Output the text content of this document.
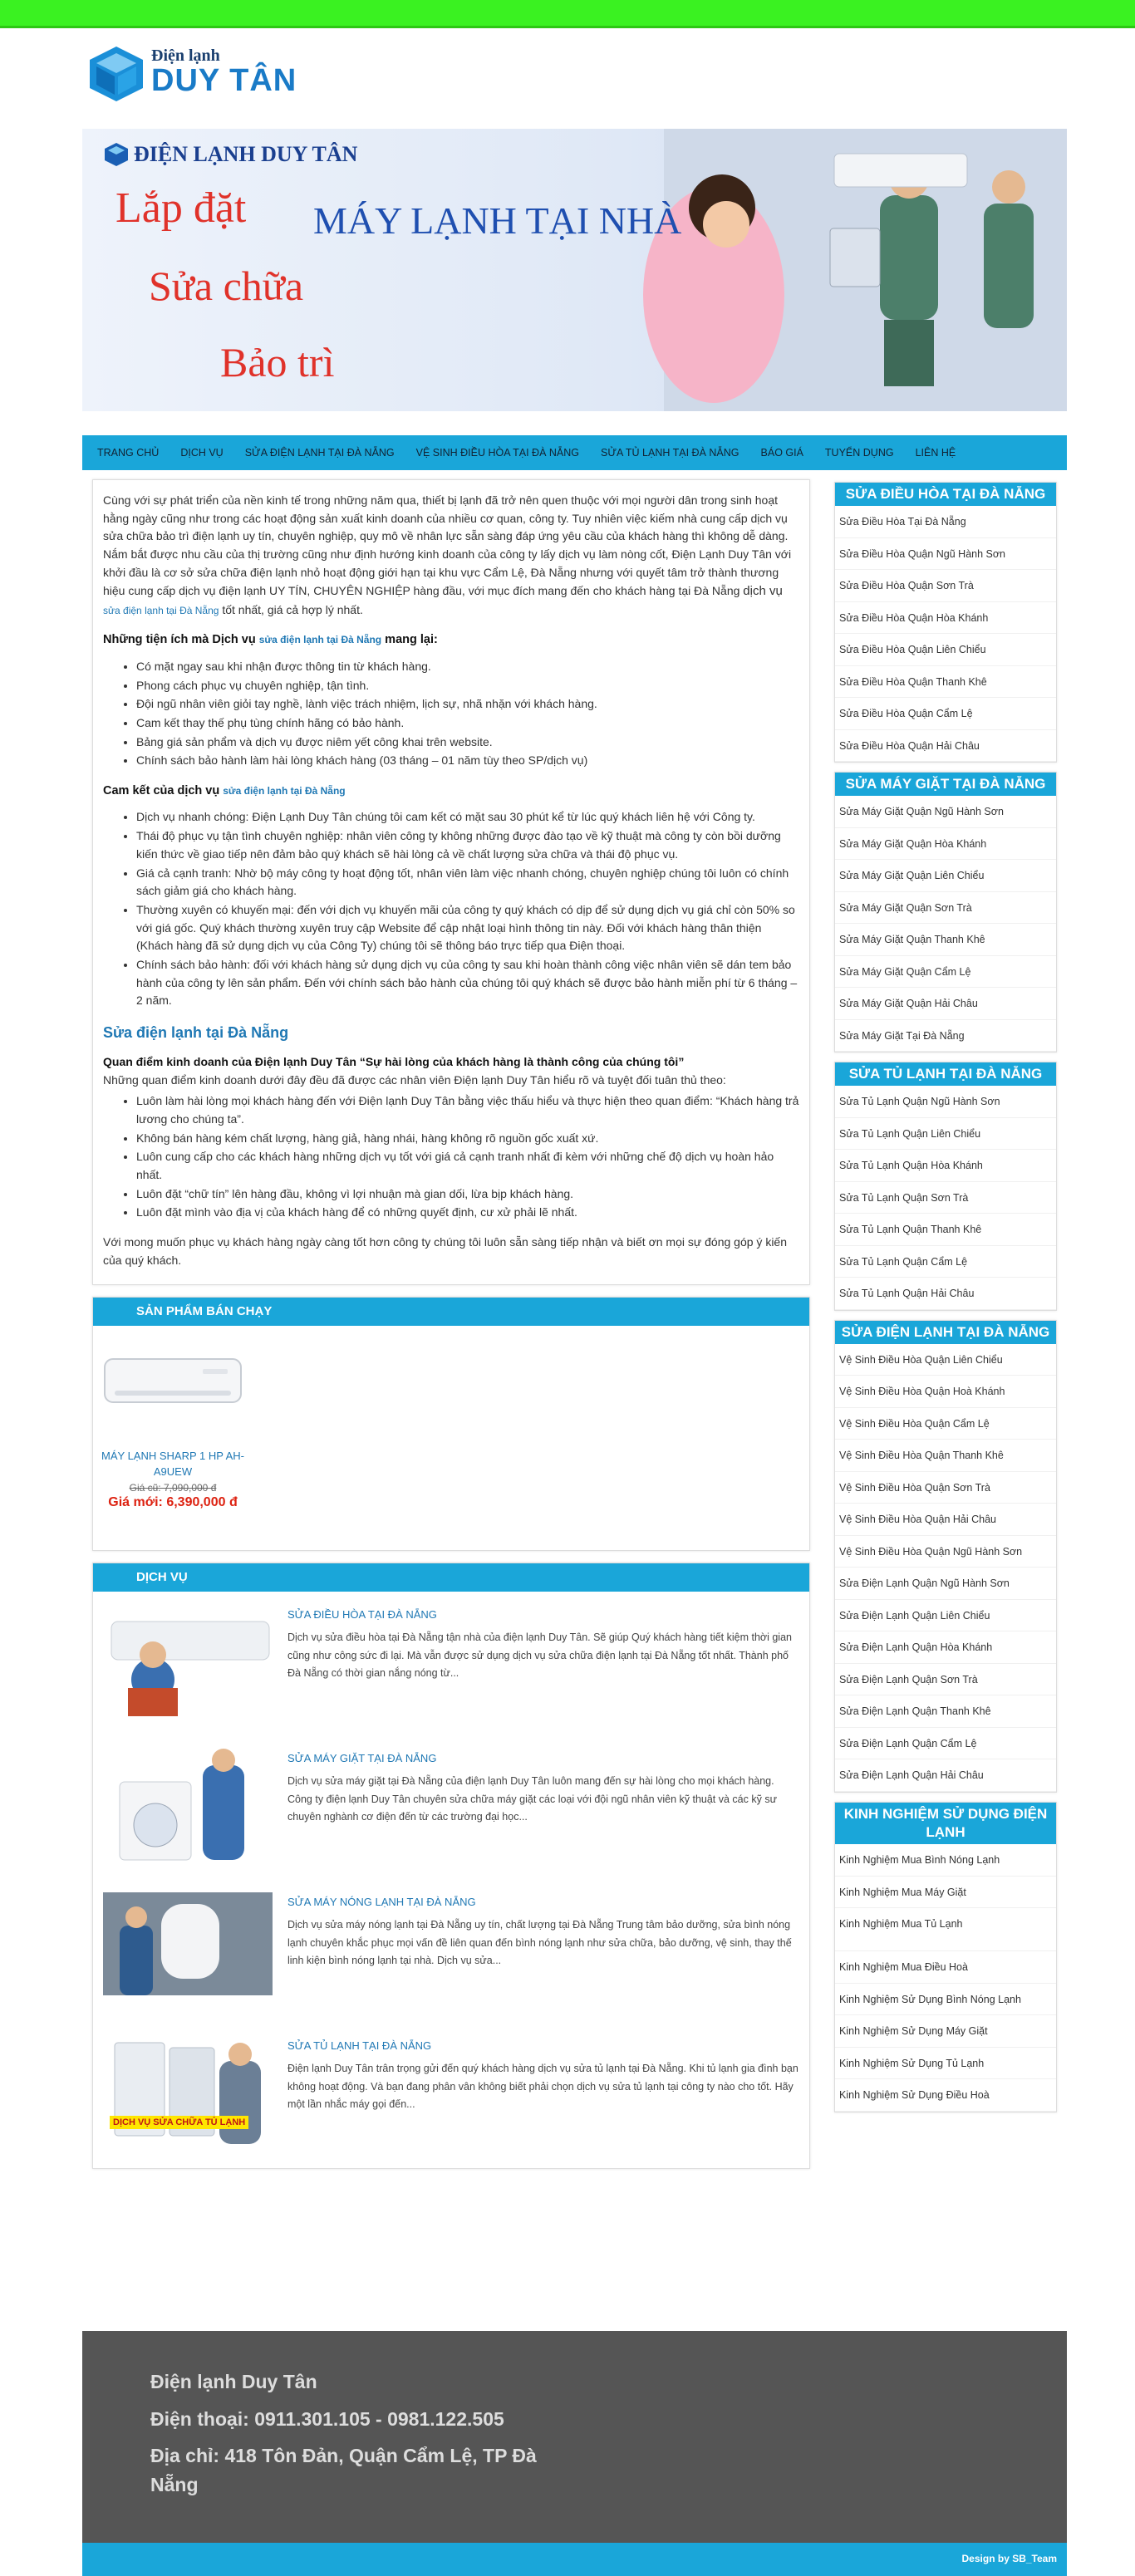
Điện lạnh
DUY TÂN
ĐIỆN LẠNH DUY TÂN
Lắp đặt MÁY LẠNH TẠI NHÀ
Sửa chữa
Bảo trì
TRANG CHỦ DỊCH VỤ SỬA ĐIỆN LẠNH TẠI ĐÀ NẴNG VỆ SINH ĐIỀU HÒA TẠI ĐÀ NẴNG SỬA TỦ LẠNH TẠI ĐÀ NẴNG BÁO GIÁ TUYỂN DỤNG LIÊN HỆ

Cùng với sự phát triển của nền kinh tế trong những năm qua, thiết bị lạnh đã trở nên quen thuộc với mọi người dân trong sinh hoạt hằng ngày cũng như trong các hoạt động sản xuất kinh doanh của nhiều cơ quan, công ty. Tuy nhiên việc kiếm nhà cung cấp dịch vụ sửa chữa bảo trì điện lạnh uy tín, chuyên nghiệp, quy mô về nhân lực sẵn sàng đáp ứng yêu cầu của khách hàng thì không dễ dàng. Nắm bắt được nhu cầu của thị trường cũng như định hướng kinh doanh của công ty lấy dịch vụ làm nòng cốt, Điện Lạnh Duy Tân với khởi đầu là cơ sở sửa chữa điện lạnh nhỏ hoạt động giới hạn tại khu vực Cẩm Lệ, Đà Nẵng nhưng với quyết tâm trở thành thương hiệu cung cấp dịch vụ điện lạnh UY TÍN, CHUYÊN NGHIỆP hàng đầu, với mục đích mang đến cho khách hàng tại Đà Nẵng dịch vụ sửa điện lạnh tại Đà Nẵng tốt nhất, giá cả hợp lý nhất.

Những tiện ích mà Dịch vụ sửa điện lạnh tại Đà Nẵng mang lại:
• Có mặt ngay sau khi nhận được thông tin từ khách hàng.
• Phong cách phục vụ chuyên nghiệp, tận tình.
• Đội ngũ nhân viên giỏi tay nghề, lành việc trách nhiệm, lịch sự, nhã nhặn với khách hàng.
• Cam kết thay thế phụ tùng chính hãng có bảo hành.
• Bảng giá sản phẩm và dịch vụ được niêm yết công khai trên website.
• Chính sách bảo hành làm hài lòng khách hàng (03 tháng – 01 năm tùy theo SP/dịch vụ)
Cam kết của dịch vụ sửa điện lạnh tại Đà Nẵng
• Dịch vụ nhanh chóng: Điện Lạnh Duy Tân chúng tôi cam kết có mặt sau 30 phút kể từ lúc quý khách liên hệ với Công ty.
• Thái độ phục vụ tận tình chuyên nghiệp: nhân viên công ty không những được đào tạo về kỹ thuật mà công ty còn bồi dưỡng kiến thức về giao tiếp nên đảm bảo quý khách sẽ hài lòng cả về chất lượng sửa chữa và thái độ phục vụ.
• Giá cả cạnh tranh: Nhờ bộ máy công ty hoạt động tốt, nhân viên làm việc nhanh chóng, chuyên nghiệp chúng tôi luôn có chính sách giảm giá cho khách hàng.
• Thường xuyên có khuyến mại: đến với dịch vụ khuyến mãi của công ty quý khách có dịp để sử dụng dịch vụ giá chỉ còn 50% so với giá gốc. Quý khách thường xuyên truy cập Website để cập nhật loại hình thông tin này. Đối với khách hàng thân thiện (Khách hàng đã sử dụng dịch vụ của Công Ty) chúng tôi sẽ thông báo trực tiếp qua Điện thoại.
• Chính sách bảo hành: đối với khách hàng sử dụng dịch vụ của công ty sau khi hoàn thành công việc nhân viên sẽ dán tem bảo hành của công ty lên sản phẩm. Đến với chính sách bảo hành của chúng tôi quý khách sẽ được bảo hành miễn phí từ 6 tháng – 2 năm.
Sửa điện lạnh tại Đà Nẵng
Quan điểm kinh doanh của Điện lạnh Duy Tân “Sự hài lòng của khách hàng là thành công của chúng tôi”
Những quan điểm kinh doanh dưới đây đều đã được các nhân viên Điện lạnh Duy Tân hiểu rõ và tuyệt đối tuân thủ theo:
• Luôn làm hài lòng mọi khách hàng đến với Điện lạnh Duy Tân bằng việc thấu hiểu và thực hiện theo quan điểm: “Khách hàng trả lương cho chúng ta”.
• Không bán hàng kém chất lượng, hàng giả, hàng nhái, hàng không rõ nguồn gốc xuất xứ.
• Luôn cung cấp cho các khách hàng những dịch vụ tốt với giá cả cạnh tranh nhất đi kèm với những chế độ dịch vụ hoàn hảo nhất.
• Luôn đặt “chữ tín” lên hàng đầu, không vì lợi nhuận mà gian dối, lừa bịp khách hàng.
• Luôn đặt mình vào địa vị của khách hàng để có những quyết định, cư xử phải lẽ nhất.

Với mong muốn phục vụ khách hàng ngày càng tốt hơn công ty chúng tôi luôn sẵn sàng tiếp nhận và biết ơn mọi sự đóng góp ý kiến của quý khách.

SẢN PHẨM BÁN CHẠY
MÁY LẠNH SHARP 1 HP AH-A9UEW
Giá cũ: 7,090,000 đ
Giá mới: 6,390,000 đ
DỊCH VỤ
SỬA ĐIỀU HÒA TẠI ĐÀ NẴNG
Dịch vụ sửa điều hòa tại Đà Nẵng tận nhà của điện lạnh Duy Tân. Sẽ giúp Quý khách hàng tiết kiệm thời gian cũng như công sức đi lại. Mà vẫn được sử dụng dịch vụ sửa chữa điện lạnh tại Đà Nẵng tốt nhất. Thành phố Đà Nẵng có thời gian nắng nóng từ...
SỬA MÁY GIẶT TẠI ĐÀ NẴNG
Dịch vụ sửa máy giặt tại Đà Nẵng của điện lạnh Duy Tân luôn mang đến sự hài lòng cho mọi khách hàng. Công ty điện lạnh Duy Tân chuyên sửa chữa máy giặt các loại với đội ngũ nhân viên kỹ thuật và các kỹ sư chuyên nghành cơ điện đến từ các trường đại học...
SỬA MÁY NÓNG LẠNH TẠI ĐÀ NẴNG
Dịch vụ sửa máy nóng lạnh tại Đà Nẵng uy tín, chất lượng tại Đà Nẵng Trung tâm bảo dưỡng, sửa bình nóng lạnh chuyên khắc phục mọi vấn đề liên quan đến bình nóng lạnh như sửa chữa, bảo dưỡng, vệ sinh, thay thế linh kiện bình nóng lạnh tại nhà. Dịch vụ sửa...
DỊCH VỤ SỬA CHỮA TỦ LẠNH
SỬA TỦ LẠNH TẠI ĐÀ NẴNG
Điện lạnh Duy Tân trân trọng gửi đến quý khách hàng dịch vụ sửa tủ lạnh tại Đà Nẵng. Khi tủ lạnh gia đình bạn không hoạt động. Và bạn đang phân vân không biết phải chọn dịch vụ sửa tủ lạnh tại công ty nào cho tốt. Hãy một lần nhắc máy gọi đến...
SỬA ĐIỀU HÒA TẠI ĐÀ NẴNG
Sửa Điều Hòa Tại Đà Nẵng
Sửa Điều Hòa Quận Ngũ Hành Sơn
Sửa Điều Hòa Quận Sơn Trà
Sửa Điều Hòa Quận Hòa Khánh
Sửa Điều Hòa Quận Liên Chiểu
Sửa Điều Hòa Quận Thanh Khê
Sửa Điều Hòa Quận Cẩm Lệ
Sửa Điều Hòa Quận Hải Châu
SỬA MÁY GIẶT TẠI ĐÀ NẴNG
Sửa Máy Giặt Quận Ngũ Hành Sơn
Sửa Máy Giặt Quận Hòa Khánh
Sửa Máy Giặt Quận Liên Chiểu
Sửa Máy Giặt Quận Sơn Trà
Sửa Máy Giặt Quận Thanh Khê
Sửa Máy Giặt Quận Cẩm Lệ
Sửa Máy Giặt Quận Hải Châu
Sửa Máy Giặt Tại Đà Nẵng
SỬA TỦ LẠNH TẠI ĐÀ NẴNG
Sửa Tủ Lạnh Quận Ngũ Hành Sơn
Sửa Tủ Lạnh Quận Liên Chiểu
Sửa Tủ Lạnh Quận Hòa Khánh
Sửa Tủ Lạnh Quận Sơn Trà
Sửa Tủ Lạnh Quận Thanh Khê
Sửa Tủ Lạnh Quận Cẩm Lệ
Sửa Tủ Lạnh Quận Hải Châu
SỬA ĐIỆN LẠNH TẠI ĐÀ NẴNG
Vệ Sinh Điều Hòa Quận Liên Chiểu
Vệ Sinh Điều Hòa Quận Hoà Khánh
Vệ Sinh Điều Hòa Quận Cẩm Lệ
Vệ Sinh Điều Hòa Quận Thanh Khê
Vệ Sinh Điều Hòa Quận Sơn Trà
Vệ Sinh Điều Hòa Quận Hải Châu
Vệ Sinh Điều Hòa Quận Ngũ Hành Sơn
Sửa Điện Lạnh Quận Ngũ Hành Sơn
Sửa Điện Lạnh Quận Liên Chiểu
Sửa Điện Lạnh Quận Hòa Khánh
Sửa Điện Lạnh Quận Sơn Trà
Sửa Điện Lạnh Quận Thanh Khê
Sửa Điện Lạnh Quận Cẩm Lệ
Sửa Điện Lạnh Quận Hải Châu
KINH NGHIỆM SỬ DỤNG ĐIỆN LẠNH
Kinh Nghiệm Mua Bình Nóng Lạnh
Kinh Nghiệm Mua Máy Giặt
Kinh Nghiệm Mua Tủ Lạnh
Kinh Nghiệm Mua Điều Hoà
Kinh Nghiệm Sử Dụng Bình Nóng Lạnh
Kinh Nghiệm Sử Dụng Máy Giặt
Kinh Nghiệm Sử Dụng Tủ Lạnh
Kinh Nghiệm Sử Dụng Điều Hoà
Điện lạnh Duy Tân
Điện thoại: 0911.301.105 - 0981.122.505
Địa chỉ: 418 Tôn Đản, Quận Cẩm Lệ, TP Đà Nẵng
Design by SB_Team
